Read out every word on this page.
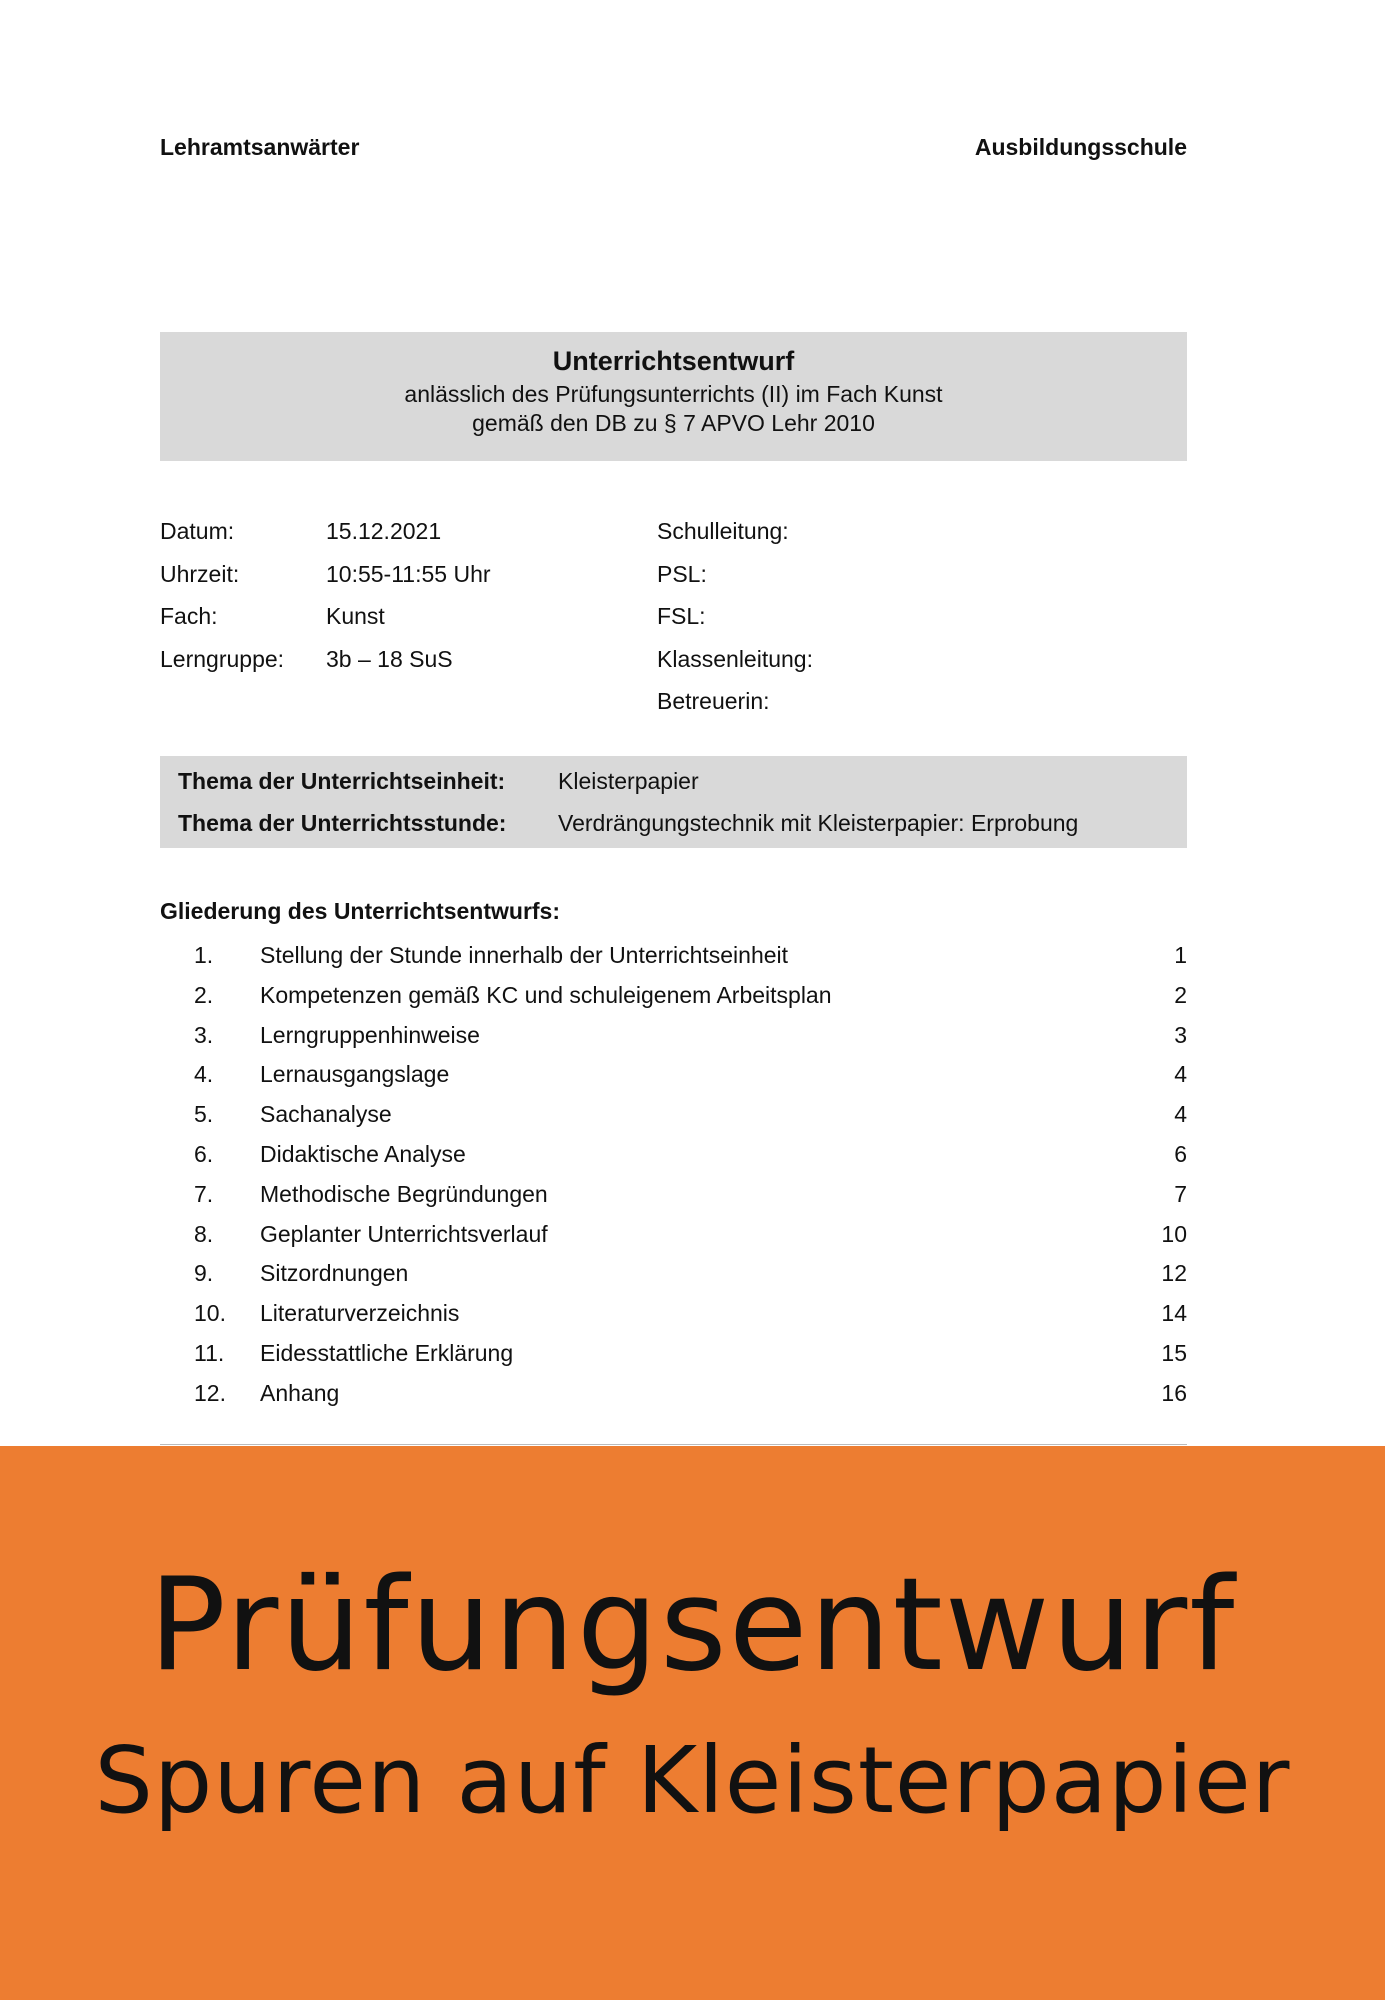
Lehramtsanwärter	Ausbildungsschule
Unterrichtsentwurf
anlässlich des Prüfungsunterrichts (II) im Fach Kunst
gemäß den DB zu § 7 APVO Lehr 2010
Datum:	15.12.2021
Uhrzeit:	10:55-11:55 Uhr
Fach:	Kunst
Lerngruppe: 3b – 18 SuS
Schulleitung:
PSL:
FSL:
Klassenleitung:
Betreuerin:
Thema der Unterrichtseinheit: Kleisterpapier
Thema der Unterrichtsstunde: Verdrängungstechnik mit Kleisterpapier: Erprobung
Gliederung des Unterrichtsentwurfs:
1. Stellung der Stunde innerhalb der Unterrichtseinheit	1
2. Kompetenzen gemäß KC und schuleigenem Arbeitsplan	2
3. Lerngruppenhinweise	3
4. Lernausgangslage	4
5. Sachanalyse	4
6. Didaktische Analyse	6
7. Methodische Begründungen	7
8. Geplanter Unterrichtsverlauf	10
9. Sitzordnungen	12
10. Literaturverzeichnis	14
11. Eidesstattliche Erklärung	15
12. Anhang	16
Prüfungsentwurf
Spuren auf Kleisterpapier
